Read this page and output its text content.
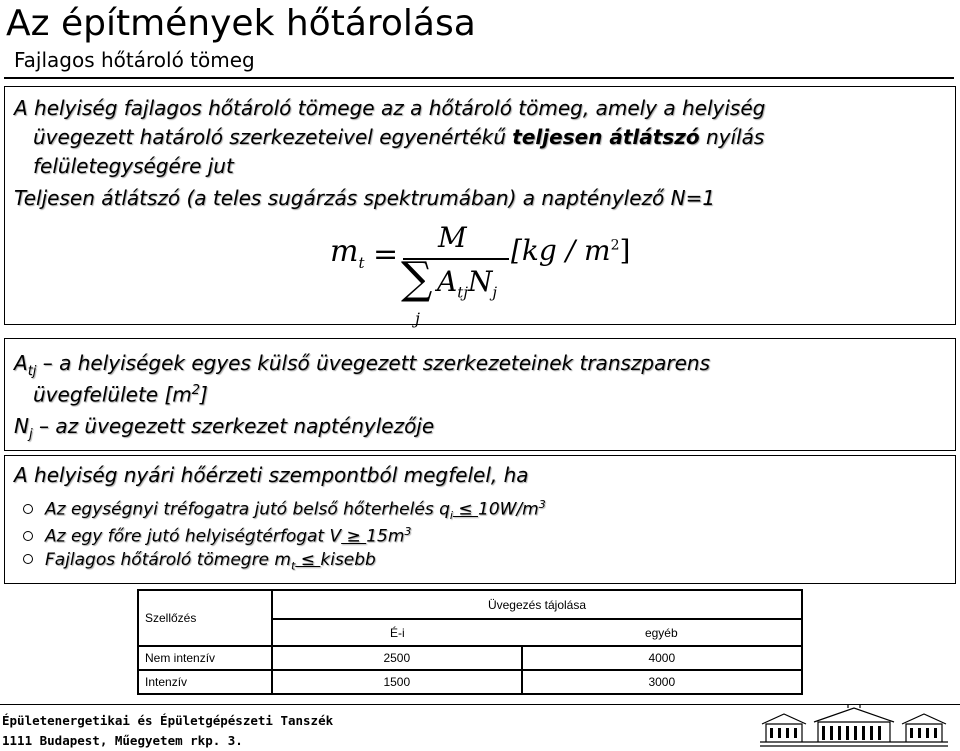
Az építmények hőtárolása
Fajlagos hőtároló tömeg
A helyiség fajlagos hőtároló tömege az a hőtároló tömeg, amely a helyiség
üvegezett határoló szerkezeteivel egyenértékű teljesen átlátszó nyílás
felületegységére jut
Teljesen átlátszó (a teles sugárzás spektrumában) a napténylező N=1
$m_t = M$
∑
j
$A_{tj}N_j$
$[kg / m^2]$
$A_{tj}$ – a helyiségek egyes külső üvegezett szerkezeteinek transzparens
üvegfelülete $[m^2]$
$N_j$ – az üvegezett szerkezet napténylezője
A helyiség nyári hőérzeti szempontból megfelel, ha
Az egységnyi tréfogatra jutó belső hőterhelés $q_i \le 10W/m^3$
Az egy főre jutó helyiségtérfogat $V \ge 15m^3$
Fajlagos hőtároló tömegre $m_t$ ≤ kisebb
Szellőzés	Üvegezés tájolása	
	É-i	egyéb
Nem intenzív	2500	4000
Intenzív	1500	3000
Épületenergetikai és Épületgépészeti Tanszék
1111 Budapest, Műegyetem rkp. 3.
